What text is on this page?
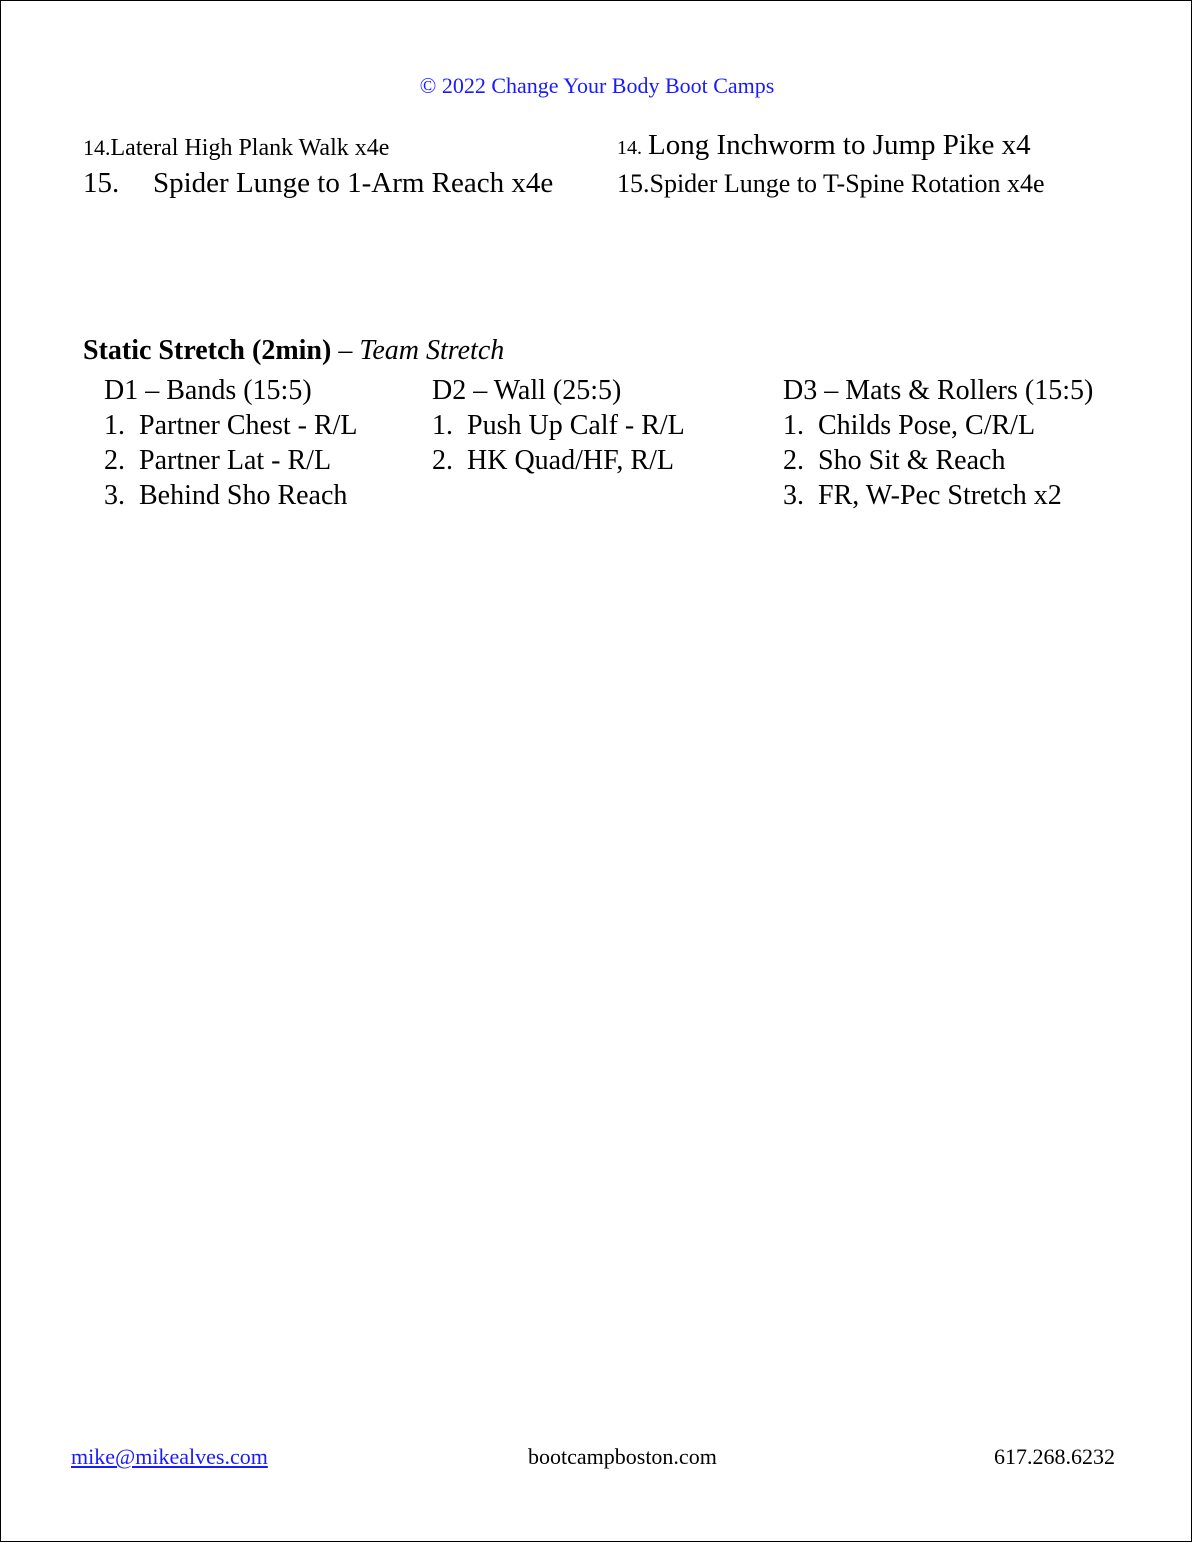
© 2022 Change Your Body Boot Camps
14.Lateral High Plank Walk x4e
15. Spider Lunge to 1-Arm Reach x4e
14. Long Inchworm to Jump Pike x4
15.Spider Lunge to T-Spine Rotation x4e
Static Stretch (2min) – Team Stretch
D1 – Bands (15:5)
1. Partner Chest - R/L
2. Partner Lat - R/L
3. Behind Sho Reach
D2 – Wall (25:5)
1. Push Up Calf - R/L
2. HK Quad/HF, R/L
D3 – Mats & Rollers (15:5)
1. Childs Pose, C/R/L
2. Sho Sit & Reach
3. FR, W-Pec Stretch x2
mike@mikealves.com	bootcampboston.com	617.268.6232
